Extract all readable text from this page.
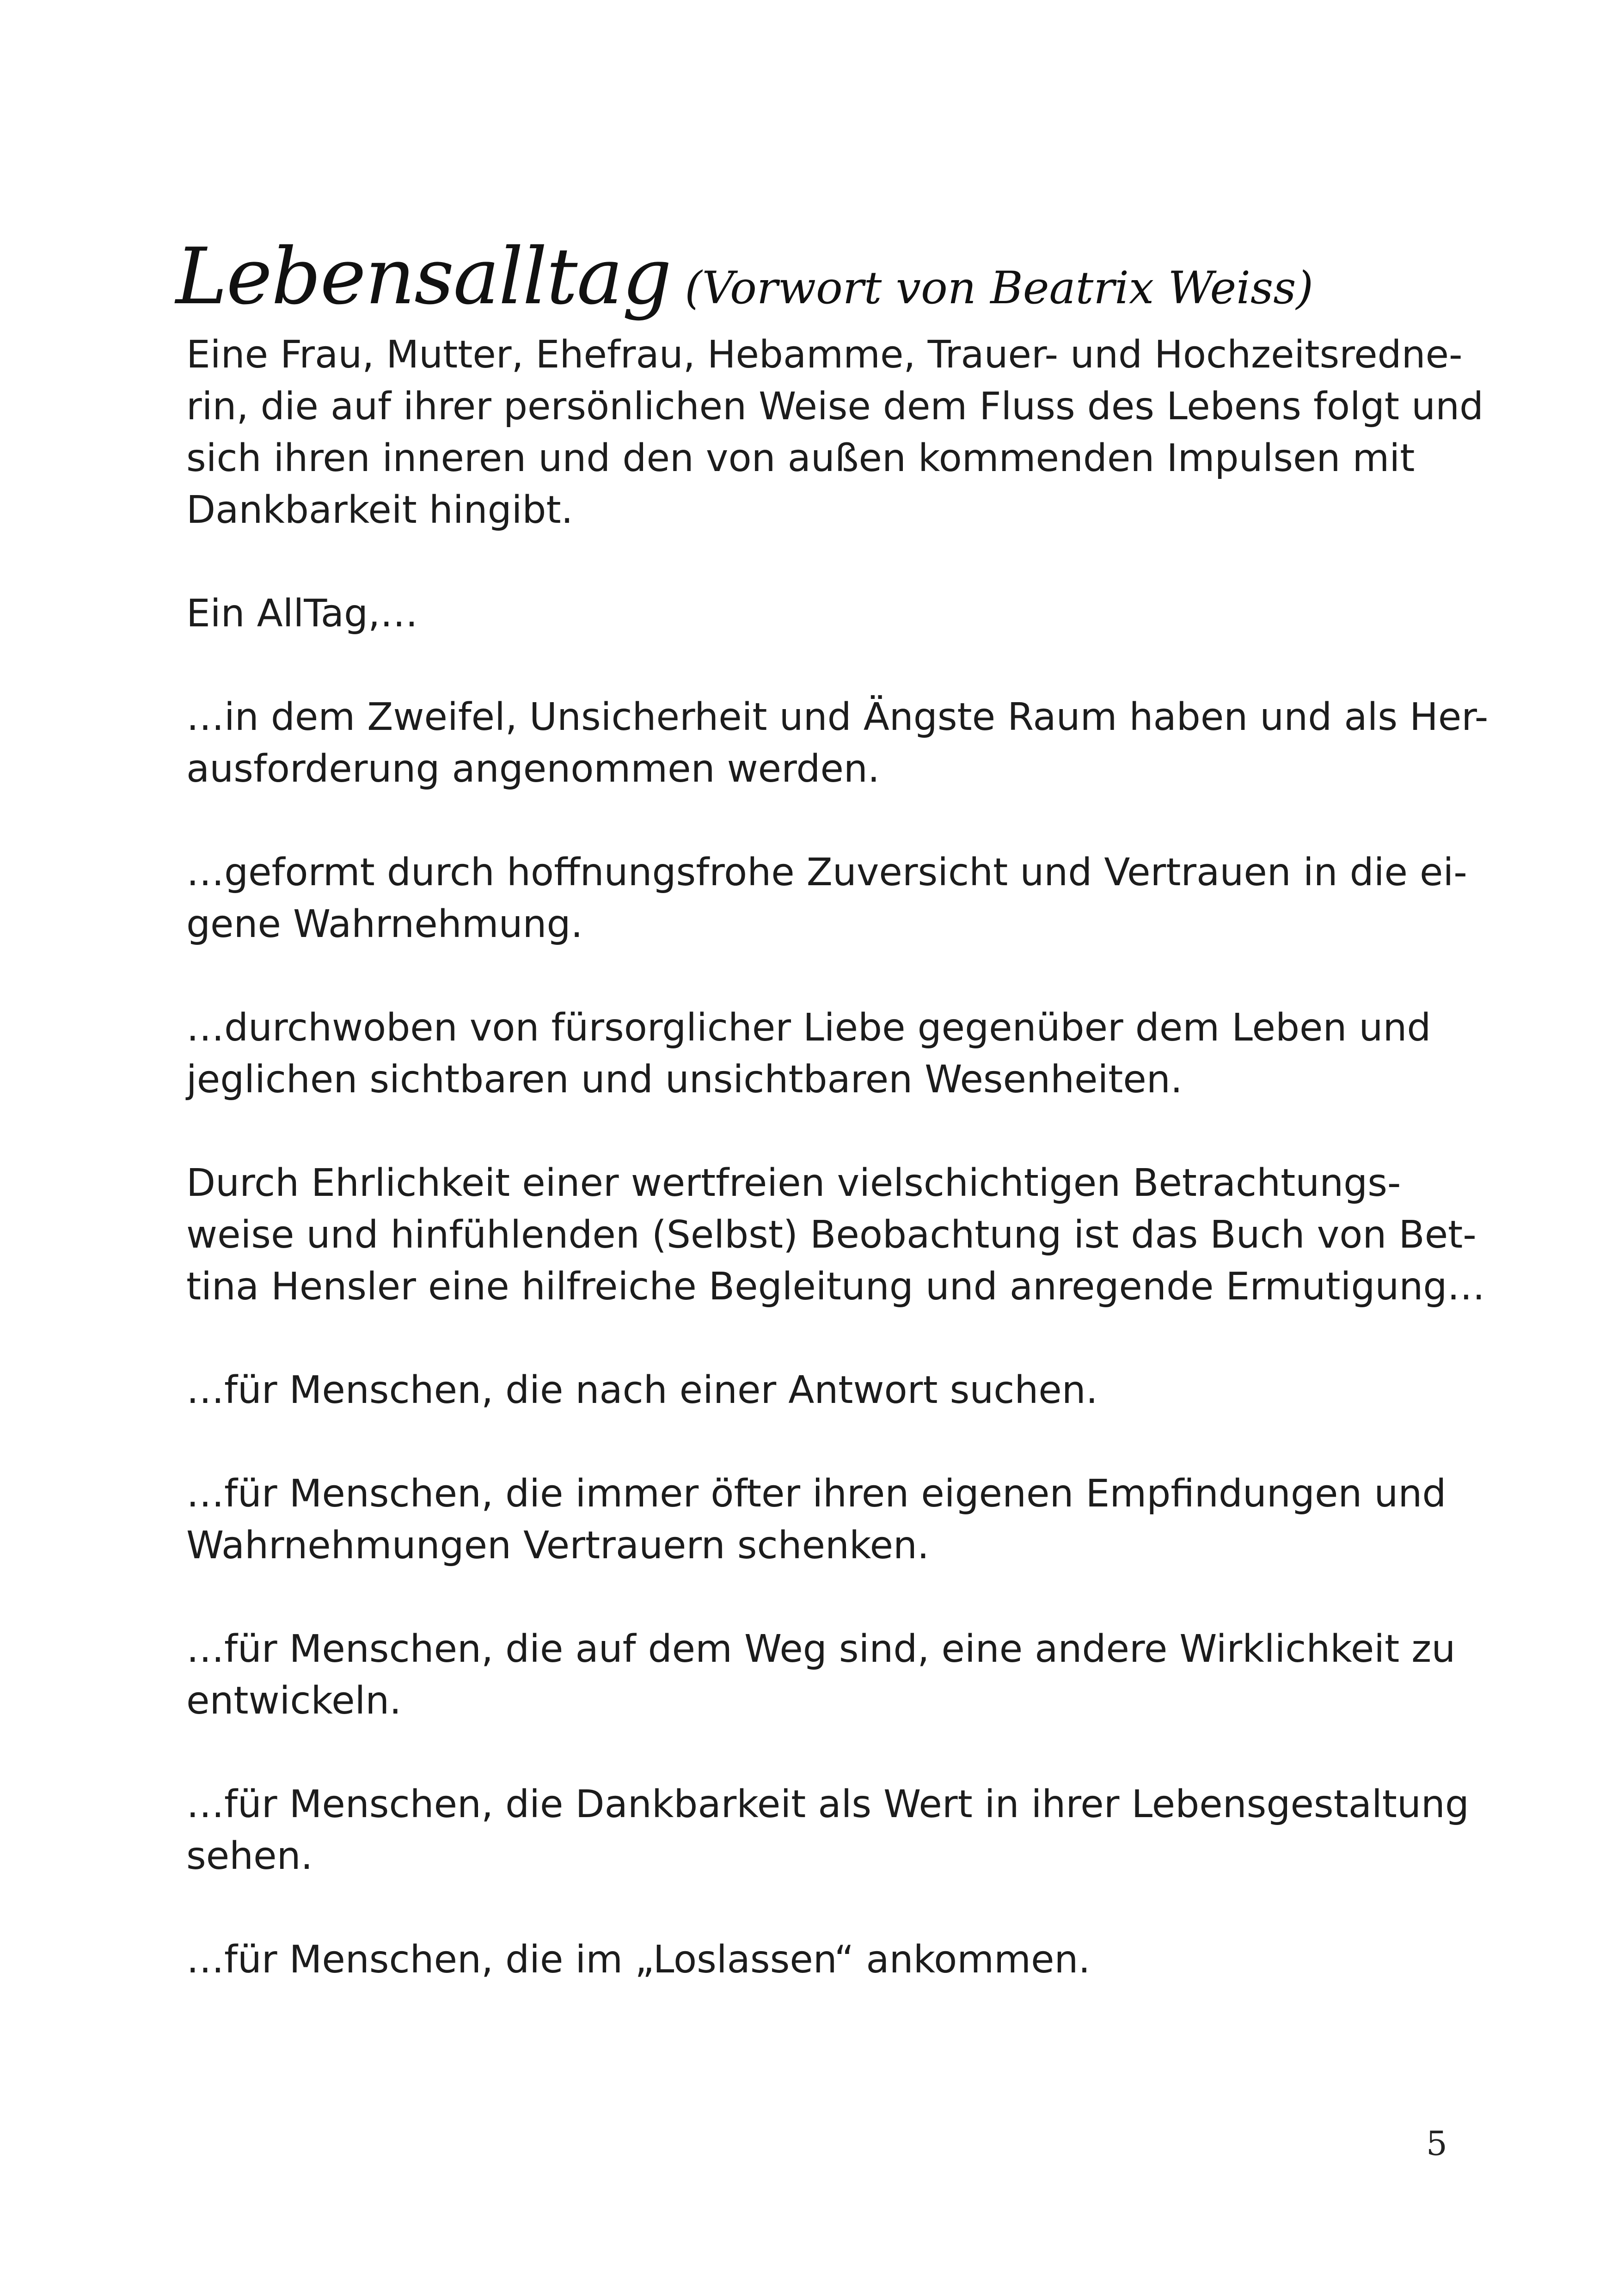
Lebensalltag (Vorwort von Beatrix Weiss)

Eine Frau, Mutter, Ehefrau, Hebamme, Trauer- und Hochzeitsredne-
rin, die auf ihrer persönlichen Weise dem Fluss des Lebens folgt und
sich ihren inneren und den von außen kommenden Impulsen mit
Dankbarkeit hingibt.

Ein AllTag,…

…in dem Zweifel, Unsicherheit und Ängste Raum haben und als Her-
ausforderung angenommen werden.

…geformt durch hoffnungsfrohe Zuversicht und Vertrauen in die ei-
gene Wahrnehmung.

…durchwoben von fürsorglicher Liebe gegenüber dem Leben und
jeglichen sichtbaren und unsichtbaren Wesenheiten.

Durch Ehrlichkeit einer wertfreien vielschichtigen Betrachtungs-
weise und hinfühlenden (Selbst) Beobachtung ist das Buch von Bet-
tina Hensler eine hilfreiche Begleitung und anregende Ermutigung…

…für Menschen, die nach einer Antwort suchen.

…für Menschen, die immer öfter ihren eigenen Empfindungen und
Wahrnehmungen Vertrauern schenken.

…für Menschen, die auf dem Weg sind, eine andere Wirklichkeit zu
entwickeln.

…für Menschen, die Dankbarkeit als Wert in ihrer Lebensgestaltung
sehen.

…für Menschen, die im „Loslassen“ ankommen.

5
